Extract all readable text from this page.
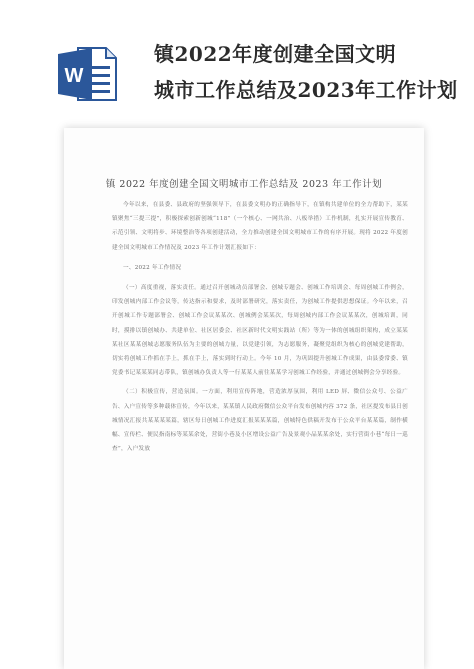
W
镇2022年度创建全国文明
城市工作总结及2023年工作计划
镇 2022 年度创建全国文明城市工作总结及 2023 年工作计划

今年以来，在县委、县政府的坚强领导下，在县委文明办的正确指导下，在镇构共建单位的全力帮助下，某某镇聚焦“三提三提”，积极探索创新创城“118”（一个核心、一网共治、八板举措）工作机制，扎实开展宣传教育、示范引领、文明将步、环境整治等各项创建活动，全力推动创建全国文明城市工作的有序开展。现将 2022 年度创建全国文明城市工作情况及 2023 年工作计划汇报如下：

一、2022 年工作情况

（一）高度重视，落实责任。通过召开创城动员部署会、创城专题会、创城工作培训会、每周创城工作例会，印发创城内部工作会议等，传达指示和要求，及时部署研究，落实责任，为创城工作提供思想保证。今年以来，召开创城工作专题部署会、创城工作会议某某次、创城例会某某次，每周创城内部工作会议某某次，创城培训，同时，摸排以镇创城办、共建单位、社区居委会、社区新时代文明实践站（所）等为一体的创城组织架构，成立某某某社区某某创城志愿服务队伍为主要的创城力量，以党建引领，为志愿服务，凝聚党组织为核心的创城党建帮助，切实将创城工作抓在手上，抓在手上，落实到时行动上。今年 10 月，为巩固提升创城工作成果，由县委常委、镇党委书记某某某同志带队，镇创城办负责人等一行某某人前往某某学习创城工作经验，并通过创城例会分享经验。

（二）积极宣传，营造氛围。一方面，利用宣传阵地，营造浓厚氛围，利用 LED 屏、微信公众号、公益广告、入户宣传等多种载体宣传，今年以来，某某镇人民政府微信公众平台发布创城内容 372 条，社区提发布县日创城情况汇报共某某某某篇，辖区每日创城工作进度汇报某某某篇，创城特色供稿开发布于公众平台某某篇，制作横幅、宣传栏、便民指南标等某某余处，营街小巷及小区增设公益广告及景观小品某某余处，实行营街小巷“每日一巡查”，入户发放
